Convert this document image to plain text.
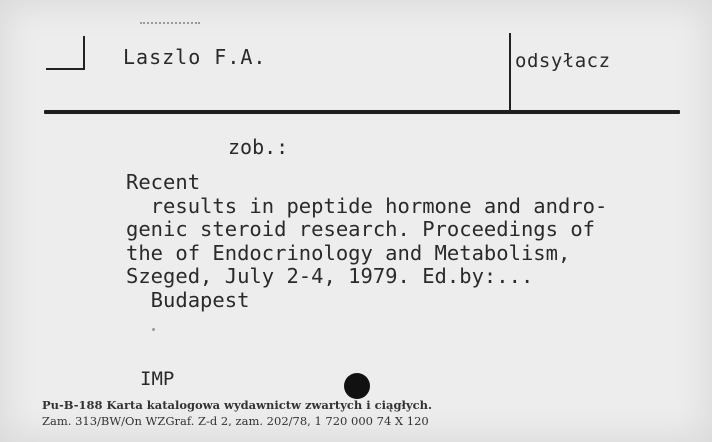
Laszlo F.A.	odsyłacz
zob.:
Recent
results in peptide hormone and andro-
genic steroid research. Proceedings of
the of Endocrinology and Metabolism,
Szeged, July 2-4, 1979. Ed.by:...
Budapest
IMP
Pu-B-188 Karta katalogowa wydawnictw zwartych i ciągłych.
Zam. 313/BW/On WZGraf. Z-d 2, zam. 202/78, 1 720 000 74 X 120
